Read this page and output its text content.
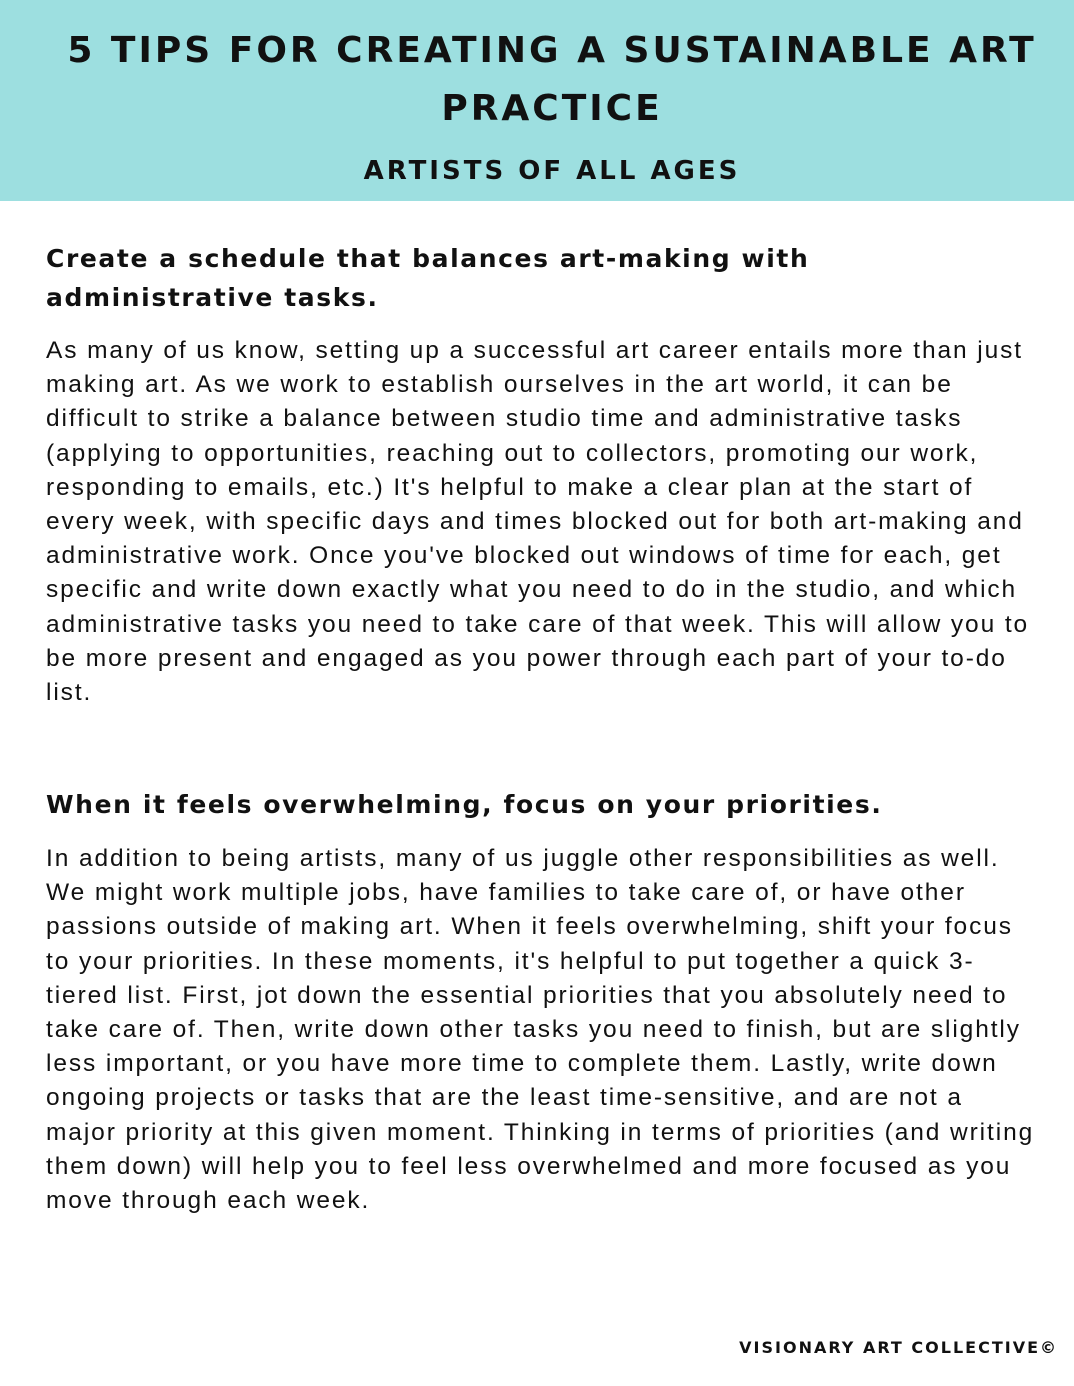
5 TIPS FOR CREATING A SUSTAINABLE ART PRACTICE
ARTISTS OF ALL AGES
Create a schedule that balances art-making with administrative tasks.

As many of us know, setting up a successful art career entails more than just making art. As we work to establish ourselves in the art world, it can be difficult to strike a balance between studio time and administrative tasks (applying to opportunities, reaching out to collectors, promoting our work, responding to emails, etc.) It's helpful to make a clear plan at the start of every week, with specific days and times blocked out for both art-making and administrative work. Once you've blocked out windows of time for each, get specific and write down exactly what you need to do in the studio, and which administrative tasks you need to take care of that week. This will allow you to be more present and engaged as you power through each part of your to-do list.

When it feels overwhelming, focus on your priorities.

In addition to being artists, many of us juggle other responsibilities as well. We might work multiple jobs, have families to take care of, or have other passions outside of making art. When it feels overwhelming, shift your focus to your priorities. In these moments, it's helpful to put together a quick 3-tiered list. First, jot down the essential priorities that you absolutely need to take care of. Then, write down other tasks you need to finish, but are slightly less important, or you have more time to complete them. Lastly, write down ongoing projects or tasks that are the least time-sensitive, and are not a major priority at this given moment. Thinking in terms of priorities (and writing them down) will help you to feel less overwhelmed and more focused as you move through each week.

VISIONARY ART COLLECTIVE©
